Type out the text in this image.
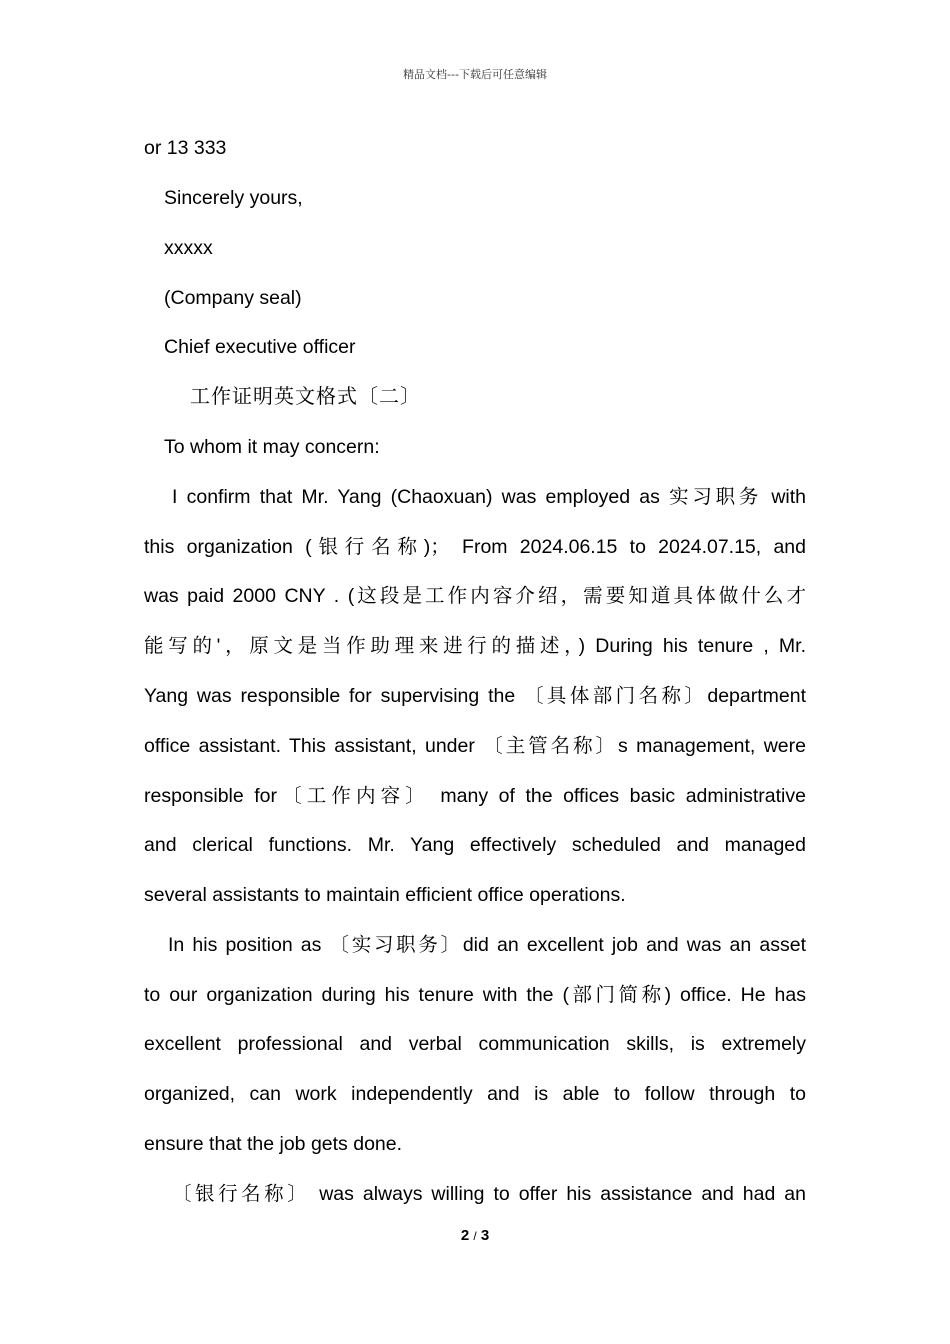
精品文档---下载后可任意编辑
or 13 333
Sincerely yours,
xxxxx
(Company seal)
Chief executive officer
工作证明英文格式〔二〕
To whom it may concern:
I confirm that Mr. Yang (Chaoxuan) was employed as 实习职务 with
this organization (银行名称)； From 2024.06.15 to 2024.07.15, and
was paid 2000 CNY . (这段是工作内容介绍，需要知道具体做什么才
能写的'，原文是当作助理来进行的描述，) During his tenure , Mr.
Yang was responsible for supervising the 〔具体部门名称〕department
office assistant. This assistant, under 〔主管名称〕s management, were
responsible for〔工作内容〕 many of the offices basic administrative
and clerical functions. Mr. Yang effectively scheduled and managed
several assistants to maintain efficient office operations.
In his position as 〔实习职务〕did an excellent job and was an asset
to our organization during his tenure with the (部门简称) office. He has
excellent professional and verbal communication skills, is extremely
organized, can work independently and is able to follow through to
ensure that the job gets done.
〔银行名称〕 was always willing to offer his assistance and had an
2 / 3
